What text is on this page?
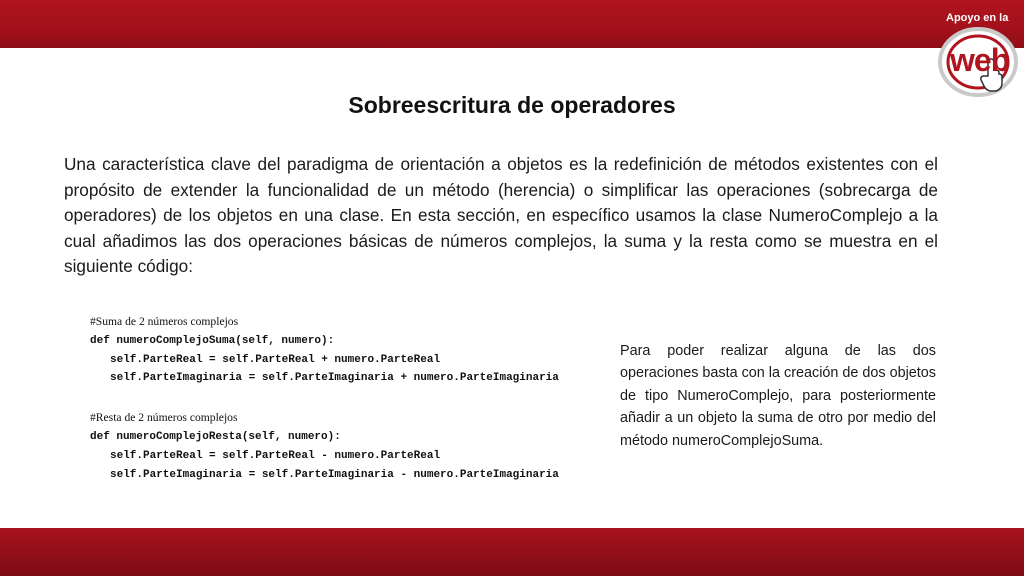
Apoyo en la
web
Sobreescritura de operadores

Una característica clave del paradigma de orientación a objetos es la redefinición de métodos existentes con el propósito de extender la funcionalidad de un método (herencia) o simplificar las operaciones (sobrecarga de operadores) de los objetos en una clase. En esta sección, en específico usamos la clase NumeroComplejo a la cual añadimos las dos operaciones básicas de números complejos, la suma y la resta como se muestra en el siguiente código:

#Suma de 2 números complejos
def numeroComplejoSuma(self, numero):
self.ParteReal = self.ParteReal + numero.ParteReal
self.ParteImaginaria = self.ParteImaginaria + numero.ParteImaginaria
#Resta de 2 números complejos
def numeroComplejoResta(self, numero):
self.ParteReal = self.ParteReal - numero.ParteReal
self.ParteImaginaria = self.ParteImaginaria - numero.ParteImaginaria

Para poder realizar alguna de las dos operaciones basta con la creación de dos objetos de tipo NumeroComplejo, para posteriormente añadir a un objeto la suma de otro por medio del método numeroComplejoSuma.
